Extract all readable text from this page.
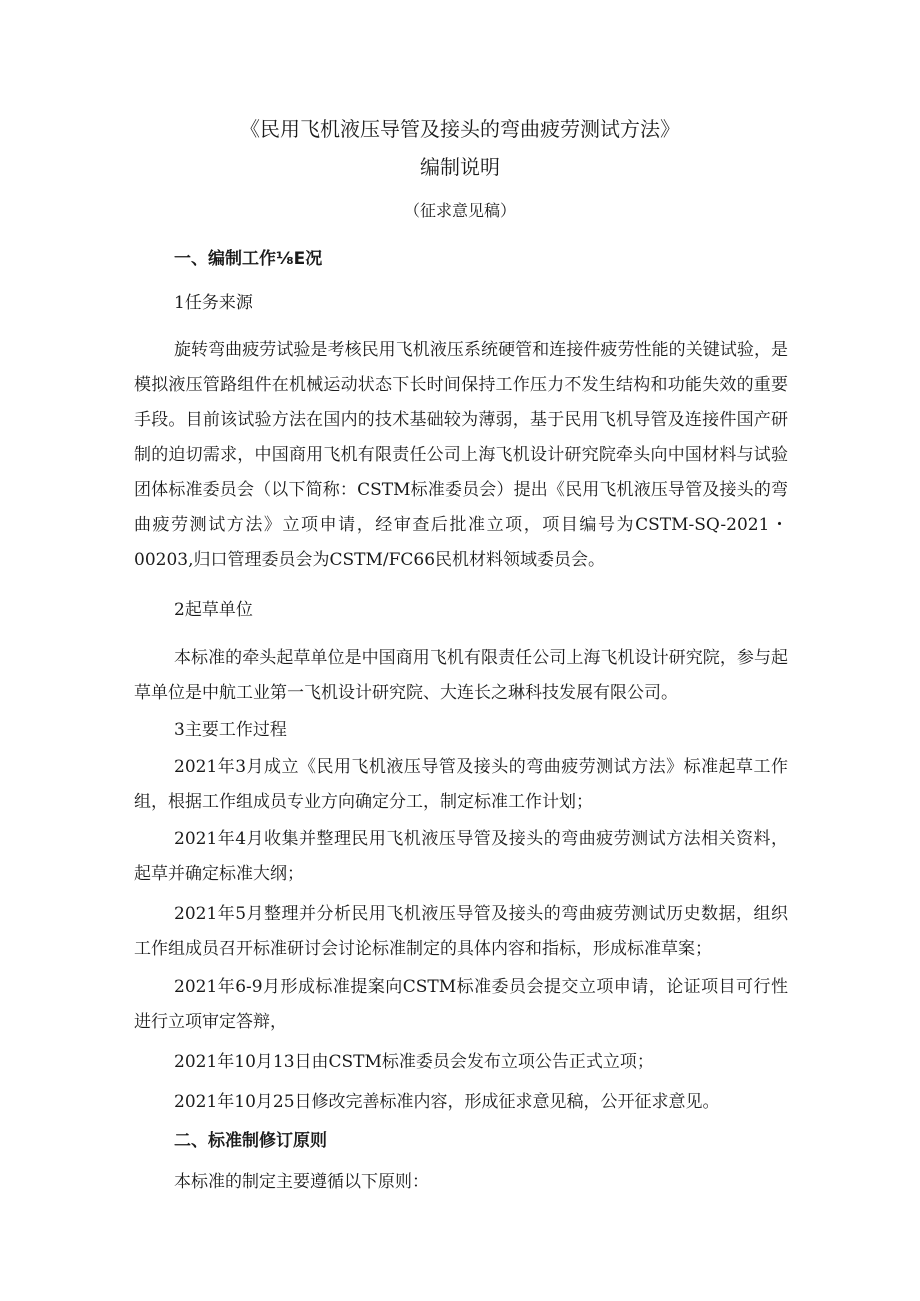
《民用飞机液压导管及接头的弯曲疲劳测试方法》
编制说明
（征求意见稿）
一、编制工作⅛E况
1任务来源

旋转弯曲疲劳试验是考核民用飞机液压系统硬管和连接件疲劳性能的关键试验，是模拟液压管路组件在机械运动状态下长时间保持工作压力不发生结构和功能失效的重要手段。目前该试验方法在国内的技术基础较为薄弱，基于民用飞机导管及连接件国产研制的迫切需求，中国商用飞机有限责任公司上海飞机设计研究院牵头向中国材料与试验团体标准委员会（以下简称：CSTM标准委员会）提出《民用飞机液压导管及接头的弯曲疲劳测试方法》立项申请，经审查后批准立项，项目编号为CSTM-SQ-2021・00203,归口管理委员会为CSTM/FC66民机材料领域委员会。

2起草单位

本标准的牵头起草单位是中国商用飞机有限责任公司上海飞机设计研究院，参与起草单位是中航工业第一飞机设计研究院、大连长之琳科技发展有限公司。

3主要工作过程

2021年3月成立《民用飞机液压导管及接头的弯曲疲劳测试方法》标准起草工作组，根据工作组成员专业方向确定分工，制定标准工作计划；

2021年4月收集并整理民用飞机液压导管及接头的弯曲疲劳测试方法相关资料，起草并确定标准大纲；

2021年5月整理并分析民用飞机液压导管及接头的弯曲疲劳测试历史数据，组织工作组成员召开标准研讨会讨论标准制定的具体内容和指标，形成标准草案；

2021年6-9月形成标准提案向CSTM标准委员会提交立项申请，论证项目可行性进行立项审定答辩，

2021年10月13日由CSTM标准委员会发布立项公告正式立项；
2021年10月25日修改完善标准内容，形成征求意见稿，公开征求意见。
二、标准制修订原则
本标准的制定主要遵循以下原则：
